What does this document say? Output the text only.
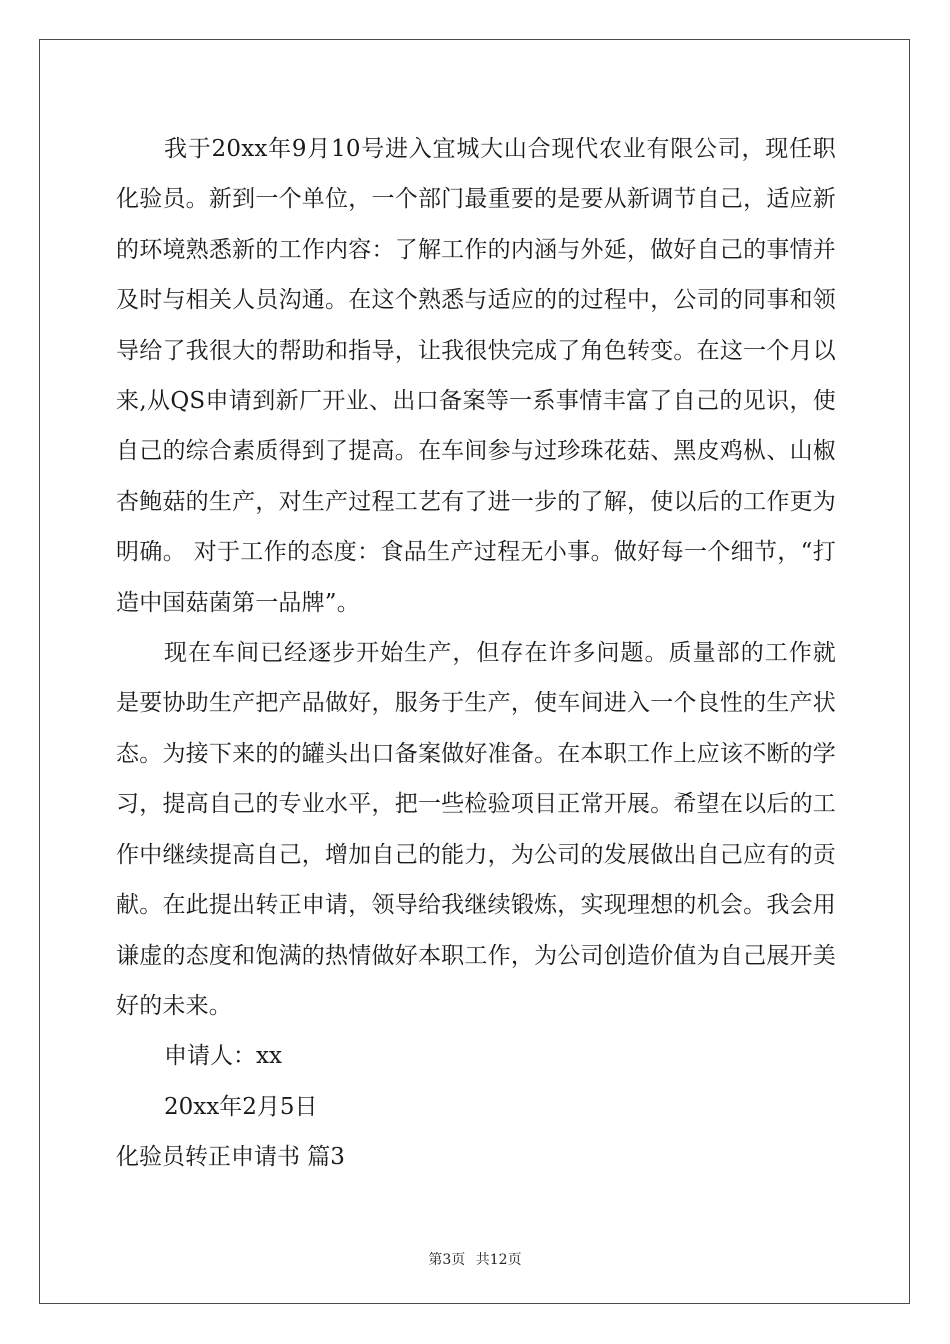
我于20xx年9月10号进入宜城大山合现代农业有限公司，现任职化验员。新到一个单位，一个部门最重要的是要从新调节自己，适应新的环境熟悉新的工作内容：了解工作的内涵与外延，做好自己的事情并及时与相关人员沟通。在这个熟悉与适应的的过程中，公司的同事和领导给了我很大的帮助和指导，让我很快完成了角色转变。在这一个月以来,从QS申请到新厂开业、出口备案等一系事情丰富了自己的见识，使自己的综合素质得到了提高。在车间参与过珍珠花菇、黑皮鸡枞、山椒杏鲍菇的生产，对生产过程工艺有了进一步的了解，使以后的工作更为明确。 对于工作的态度：食品生产过程无小事。做好每一个细节，“打造中国菇菌第一品牌”。

现在车间已经逐步开始生产，但存在许多问题。质量部的工作就是要协助生产把产品做好，服务于生产，使车间进入一个良性的生产状态。为接下来的的罐头出口备案做好准备。在本职工作上应该不断的学习，提高自己的专业水平，把一些检验项目正常开展。希望在以后的工作中继续提高自己，增加自己的能力，为公司的发展做出自己应有的贡献。在此提出转正申请，领导给我继续锻炼，实现理想的机会。我会用谦虚的态度和饱满的热情做好本职工作，为公司创造价值为自己展开美好的未来。

申请人：xx

20xx年2月5日

化验员转正申请书 篇3

第3页 共12页
